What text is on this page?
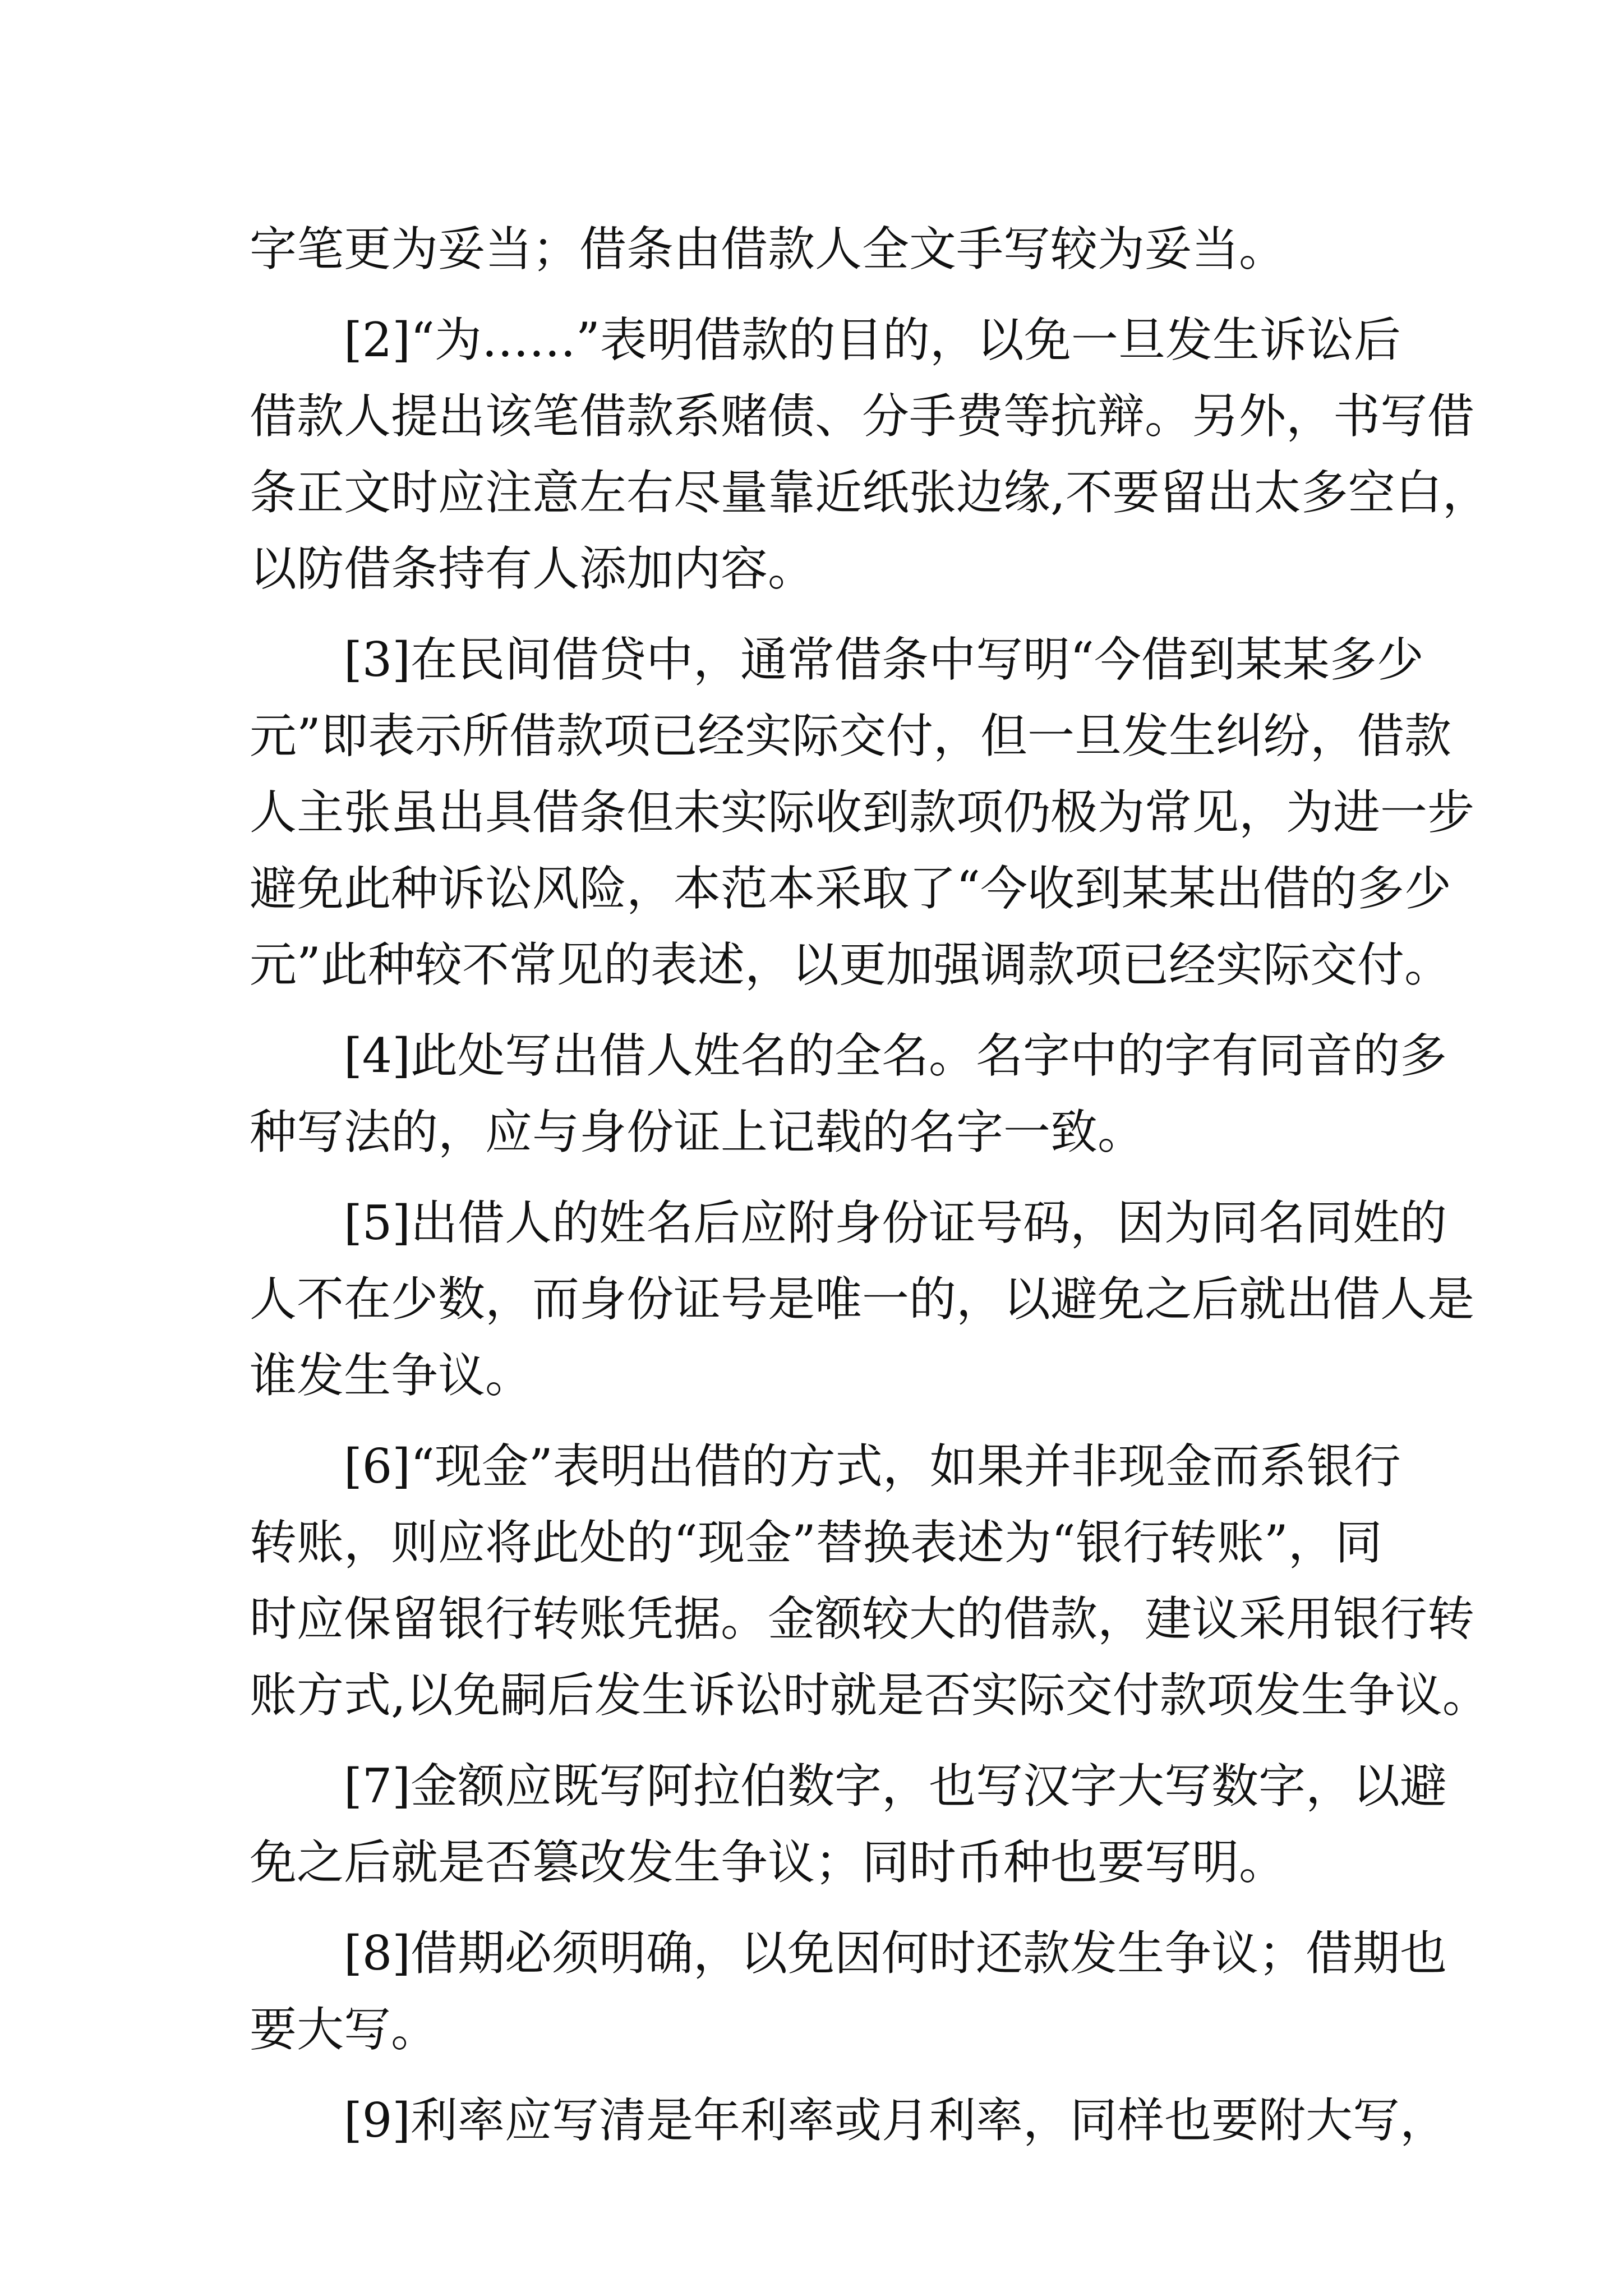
字笔更为妥当；借条由借款人全文手写较为妥当。
[2]“为……”表明借款的目的，以免一旦发生诉讼后
借款人提出该笔借款系赌债、分手费等抗辩。另外，书写借
条正文时应注意左右尽量靠近纸张边缘,不要留出太多空白，
以防借条持有人添加内容。
[3]在民间借贷中，通常借条中写明“今借到某某多少
元”即表示所借款项已经实际交付，但一旦发生纠纷，借款
人主张虽出具借条但未实际收到款项仍极为常见，为进一步
避免此种诉讼风险，本范本采取了“今收到某某出借的多少
元”此种较不常见的表述，以更加强调款项已经实际交付。
[4]此处写出借人姓名的全名。名字中的字有同音的多
种写法的，应与身份证上记载的名字一致。
[5]出借人的姓名后应附身份证号码，因为同名同姓的
人不在少数，而身份证号是唯一的，以避免之后就出借人是
谁发生争议。
[6]“现金”表明出借的方式，如果并非现金而系银行
转账，则应将此处的“现金”替换表述为“银行转账”，同
时应保留银行转账凭据。金额较大的借款，建议采用银行转
账方式,以免嗣后发生诉讼时就是否实际交付款项发生争议。
[7]金额应既写阿拉伯数字，也写汉字大写数字，以避
免之后就是否篡改发生争议；同时币种也要写明。
[8]借期必须明确，以免因何时还款发生争议；借期也
要大写。
[9]利率应写清是年利率或月利率，同样也要附大写，
